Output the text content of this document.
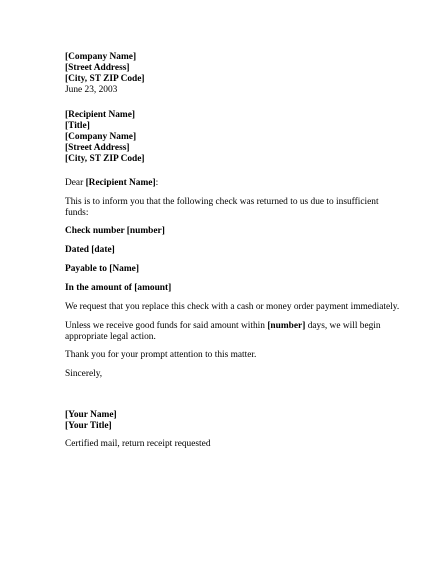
[Company Name]
[Street Address]
[City, ST ZIP Code]
June 23, 2003
[Recipient Name]
[Title]
[Company Name]
[Street Address]
[City, ST ZIP Code]
Dear [Recipient Name]:
This is to inform you that the following check was returned to us due to insufficient
funds:
Check number [number]
Dated [date]
Payable to [Name]
In the amount of [amount]
We request that you replace this check with a cash or money order payment immediately.
Unless we receive good funds for said amount within [number] days, we will begin
appropriate legal action.
Thank you for your prompt attention to this matter.
Sincerely,
[Your Name]
[Your Title]
Certified mail, return receipt requested
